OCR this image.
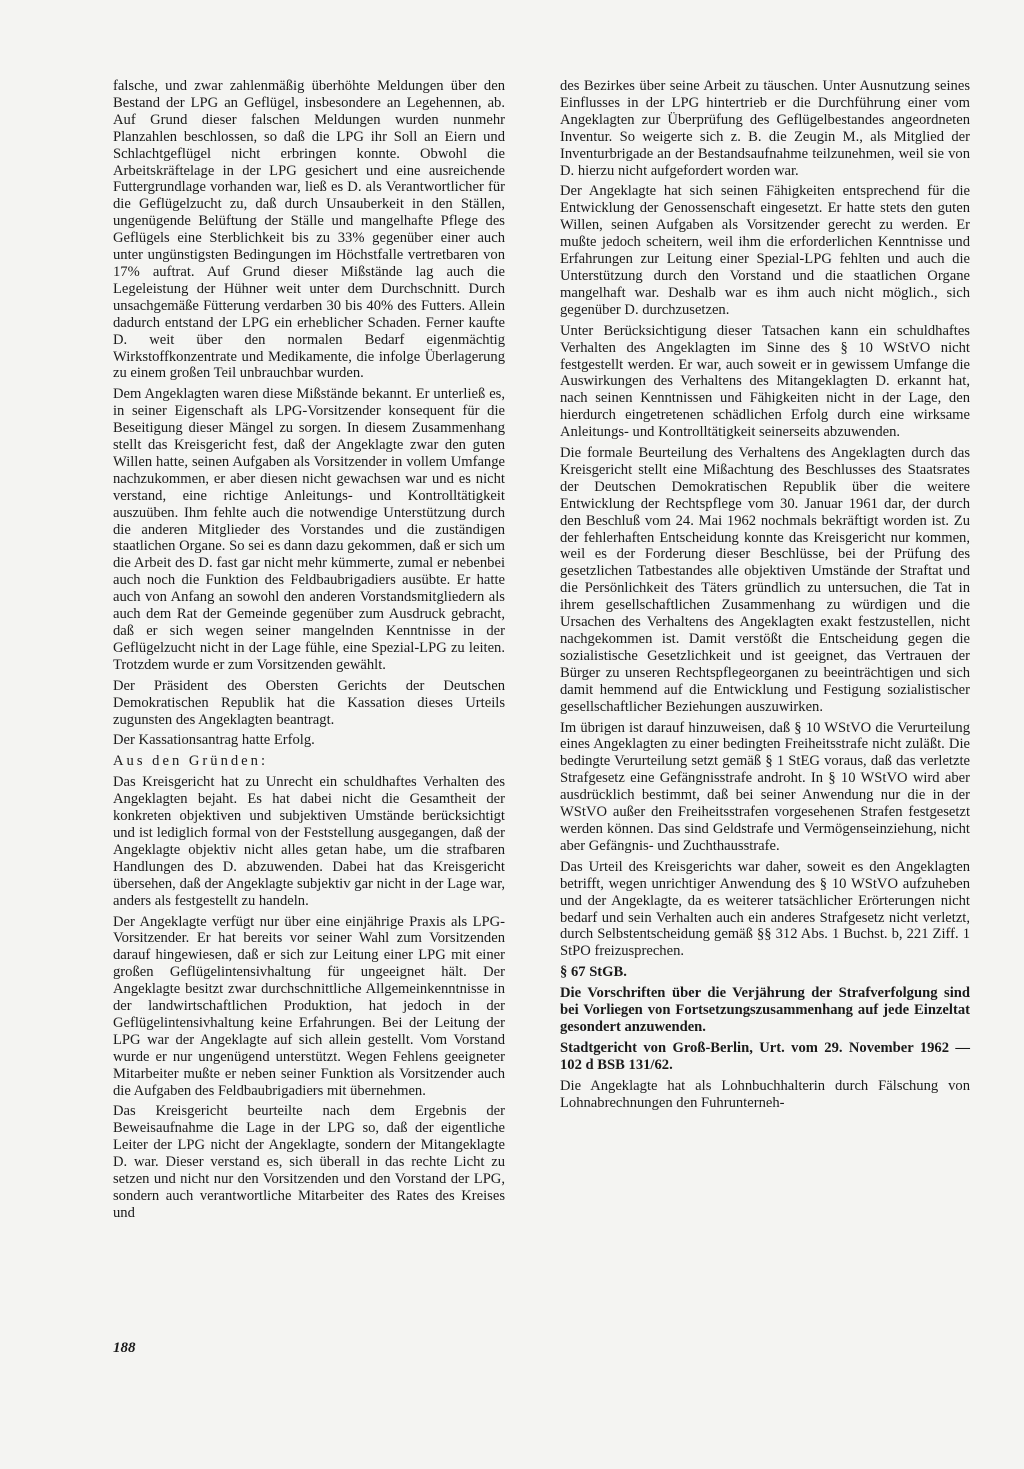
falsche, und zwar zahlenmäßig überhöhte Meldungen über den Bestand der LPG an Geflügel, insbesondere an Legehennen, ab. Auf Grund dieser falschen Meldungen wurden nunmehr Planzahlen beschlossen, so daß die LPG ihr Soll an Eiern und Schlachtgeflügel nicht erbringen konnte. Obwohl die Arbeitskräftelage in der LPG gesichert und eine ausreichende Futtergrundlage vorhanden war, ließ es D. als Verantwortlicher für die Geflügelzucht zu, daß durch Unsauberkeit in den Ställen, ungenügende Belüftung der Ställe und mangelhafte Pflege des Geflügels eine Sterblichkeit bis zu 33% gegenüber einer auch unter ungünstigsten Bedingungen im Höchstfalle vertretbaren von 17% auftrat. Auf Grund dieser Mißstände lag auch die Legeleistung der Hühner weit unter dem Durchschnitt. Durch unsachgemäße Fütterung verdarben 30 bis 40% des Futters. Allein dadurch entstand der LPG ein erheblicher Schaden. Ferner kaufte D. weit über den normalen Bedarf eigenmächtig Wirkstoffkonzentrate und Medikamente, die infolge Überlagerung zu einem großen Teil unbrauchbar wurden.

Dem Angeklagten waren diese Mißstände bekannt. Er unterließ es, in seiner Eigenschaft als LPG-Vorsitzender konsequent für die Beseitigung dieser Mängel zu sorgen. In diesem Zusammenhang stellt das Kreisgericht fest, daß der Angeklagte zwar den guten Willen hatte, seinen Aufgaben als Vorsitzender in vollem Umfange nachzukommen, er aber diesen nicht gewachsen war und es nicht verstand, eine richtige Anleitungs- und Kontrolltätigkeit auszuüben. Ihm fehlte auch die notwendige Unterstützung durch die anderen Mitglieder des Vorstandes und die zuständigen staatlichen Organe. So sei es dann dazu gekommen, daß er sich um die Arbeit des D. fast gar nicht mehr kümmerte, zumal er nebenbei auch noch die Funktion des Feldbaubrigadiers ausübte. Er hatte auch von Anfang an sowohl den anderen Vorstandsmitgliedern als auch dem Rat der Gemeinde gegenüber zum Ausdruck gebracht, daß er sich wegen seiner mangelnden Kenntnisse in der Geflügelzucht nicht in der Lage fühle, eine Spezial-LPG zu leiten. Trotzdem wurde er zum Vorsitzenden gewählt.

Der Präsident des Obersten Gerichts der Deutschen Demokratischen Republik hat die Kassation dieses Urteils zugunsten des Angeklagten beantragt.

Der Kassationsantrag hatte Erfolg.

Aus den Gründen:

Das Kreisgericht hat zu Unrecht ein schuldhaftes Verhalten des Angeklagten bejaht. Es hat dabei nicht die Gesamtheit der konkreten objektiven und subjektiven Umstände berücksichtigt und ist lediglich formal von der Feststellung ausgegangen, daß der Angeklagte objektiv nicht alles getan habe, um die strafbaren Handlungen des D. abzuwenden. Dabei hat das Kreisgericht übersehen, daß der Angeklagte subjektiv gar nicht in der Lage war, anders als festgestellt zu handeln.

Der Angeklagte verfügt nur über eine einjährige Praxis als LPG-Vorsitzender. Er hat bereits vor seiner Wahl zum Vorsitzenden darauf hingewiesen, daß er sich zur Leitung einer LPG mit einer großen Geflügelintensivhaltung für ungeeignet hält. Der Angeklagte besitzt zwar durchschnittliche Allgemeinkenntnisse in der landwirtschaftlichen Produktion, hat jedoch in der Geflügelintensivhaltung keine Erfahrungen. Bei der Leitung der LPG war der Angeklagte auf sich allein gestellt. Vom Vorstand wurde er nur ungenügend unterstützt. Wegen Fehlens geeigneter Mitarbeiter mußte er neben seiner Funktion als Vorsitzender auch die Aufgaben des Feldbaubrigadiers mit übernehmen.

Das Kreisgericht beurteilte nach dem Ergebnis der Beweisaufnahme die Lage in der LPG so, daß der eigentliche Leiter der LPG nicht der Angeklagte, sondern der Mitangeklagte D. war. Dieser verstand es, sich überall in das rechte Licht zu setzen und nicht nur den Vorsitzenden und den Vorstand der LPG, sondern auch verantwortliche Mitarbeiter des Rates des Kreises und

des Bezirkes über seine Arbeit zu täuschen. Unter Ausnutzung seines Einflusses in der LPG hintertrieb er die Durchführung einer vom Angeklagten zur Überprüfung des Geflügelbestandes angeordneten Inventur. So weigerte sich z. B. die Zeugin M., als Mitglied der Inventurbrigade an der Bestandsaufnahme teilzunehmen, weil sie von D. hierzu nicht aufgefordert worden war.

Der Angeklagte hat sich seinen Fähigkeiten entsprechend für die Entwicklung der Genossenschaft eingesetzt. Er hatte stets den guten Willen, seinen Aufgaben als Vorsitzender gerecht zu werden. Er mußte jedoch scheitern, weil ihm die erforderlichen Kenntnisse und Erfahrungen zur Leitung einer Spezial-LPG fehlten und auch die Unterstützung durch den Vorstand und die staatlichen Organe mangelhaft war. Deshalb war es ihm auch nicht möglich., sich gegenüber D. durchzusetzen.

Unter Berücksichtigung dieser Tatsachen kann ein schuldhaftes Verhalten des Angeklagten im Sinne des § 10 WStVO nicht festgestellt werden. Er war, auch soweit er in gewissem Umfange die Auswirkungen des Verhaltens des Mitangeklagten D. erkannt hat, nach seinen Kenntnissen und Fähigkeiten nicht in der Lage, den hierdurch eingetretenen schädlichen Erfolg durch eine wirksame Anleitungs- und Kontrolltätigkeit seinerseits abzuwenden.

Die formale Beurteilung des Verhaltens des Angeklagten durch das Kreisgericht stellt eine Mißachtung des Beschlusses des Staatsrates der Deutschen Demokratischen Republik über die weitere Entwicklung der Rechtspflege vom 30. Januar 1961 dar, der durch den Beschluß vom 24. Mai 1962 nochmals bekräftigt worden ist. Zu der fehlerhaften Entscheidung konnte das Kreisgericht nur kommen, weil es der Forderung dieser Beschlüsse, bei der Prüfung des gesetzlichen Tatbestandes alle objektiven Umstände der Straftat und die Persönlichkeit des Täters gründlich zu untersuchen, die Tat in ihrem gesellschaftlichen Zusammenhang zu würdigen und die Ursachen des Verhaltens des Angeklagten exakt festzustellen, nicht nachgekommen ist. Damit verstößt die Entscheidung gegen die sozialistische Gesetzlichkeit und ist geeignet, das Vertrauen der Bürger zu unseren Rechtspflegeorganen zu beeinträchtigen und sich damit hemmend auf die Entwicklung und Festigung sozialistischer gesellschaftlicher Beziehungen auszuwirken.

Im übrigen ist darauf hinzuweisen, daß § 10 WStVO die Verurteilung eines Angeklagten zu einer bedingten Freiheitsstrafe nicht zuläßt. Die bedingte Verurteilung setzt gemäß § 1 StEG voraus, daß das verletzte Strafgesetz eine Gefängnisstrafe androht. In § 10 WStVO wird aber ausdrücklich bestimmt, daß bei seiner Anwendung nur die in der WStVO außer den Freiheitsstrafen vorgesehenen Strafen festgesetzt werden können. Das sind Geldstrafe und Vermögenseinziehung, nicht aber Gefängnis- und Zuchthausstrafe.

Das Urteil des Kreisgerichts war daher, soweit es den Angeklagten betrifft, wegen unrichtiger Anwendung des § 10 WStVO aufzuheben und der Angeklagte, da es weiterer tatsächlicher Erörterungen nicht bedarf und sein Verhalten auch ein anderes Strafgesetz nicht verletzt, durch Selbstentscheidung gemäß §§ 312 Abs. 1 Buchst. b, 221 Ziff. 1 StPO freizusprechen.

§ 67 StGB.

Die Vorschriften über die Verjährung der Strafverfolgung sind bei Vorliegen von Fortsetzungszusammenhang auf jede Einzeltat gesondert anzuwenden.

Stadtgericht von Groß-Berlin, Urt. vom 29. November 1962 — 102 d BSB 131/62.

Die Angeklagte hat als Lohnbuchhalterin durch Fälschung von Lohnabrechnungen den Fuhrunterneh-

188
